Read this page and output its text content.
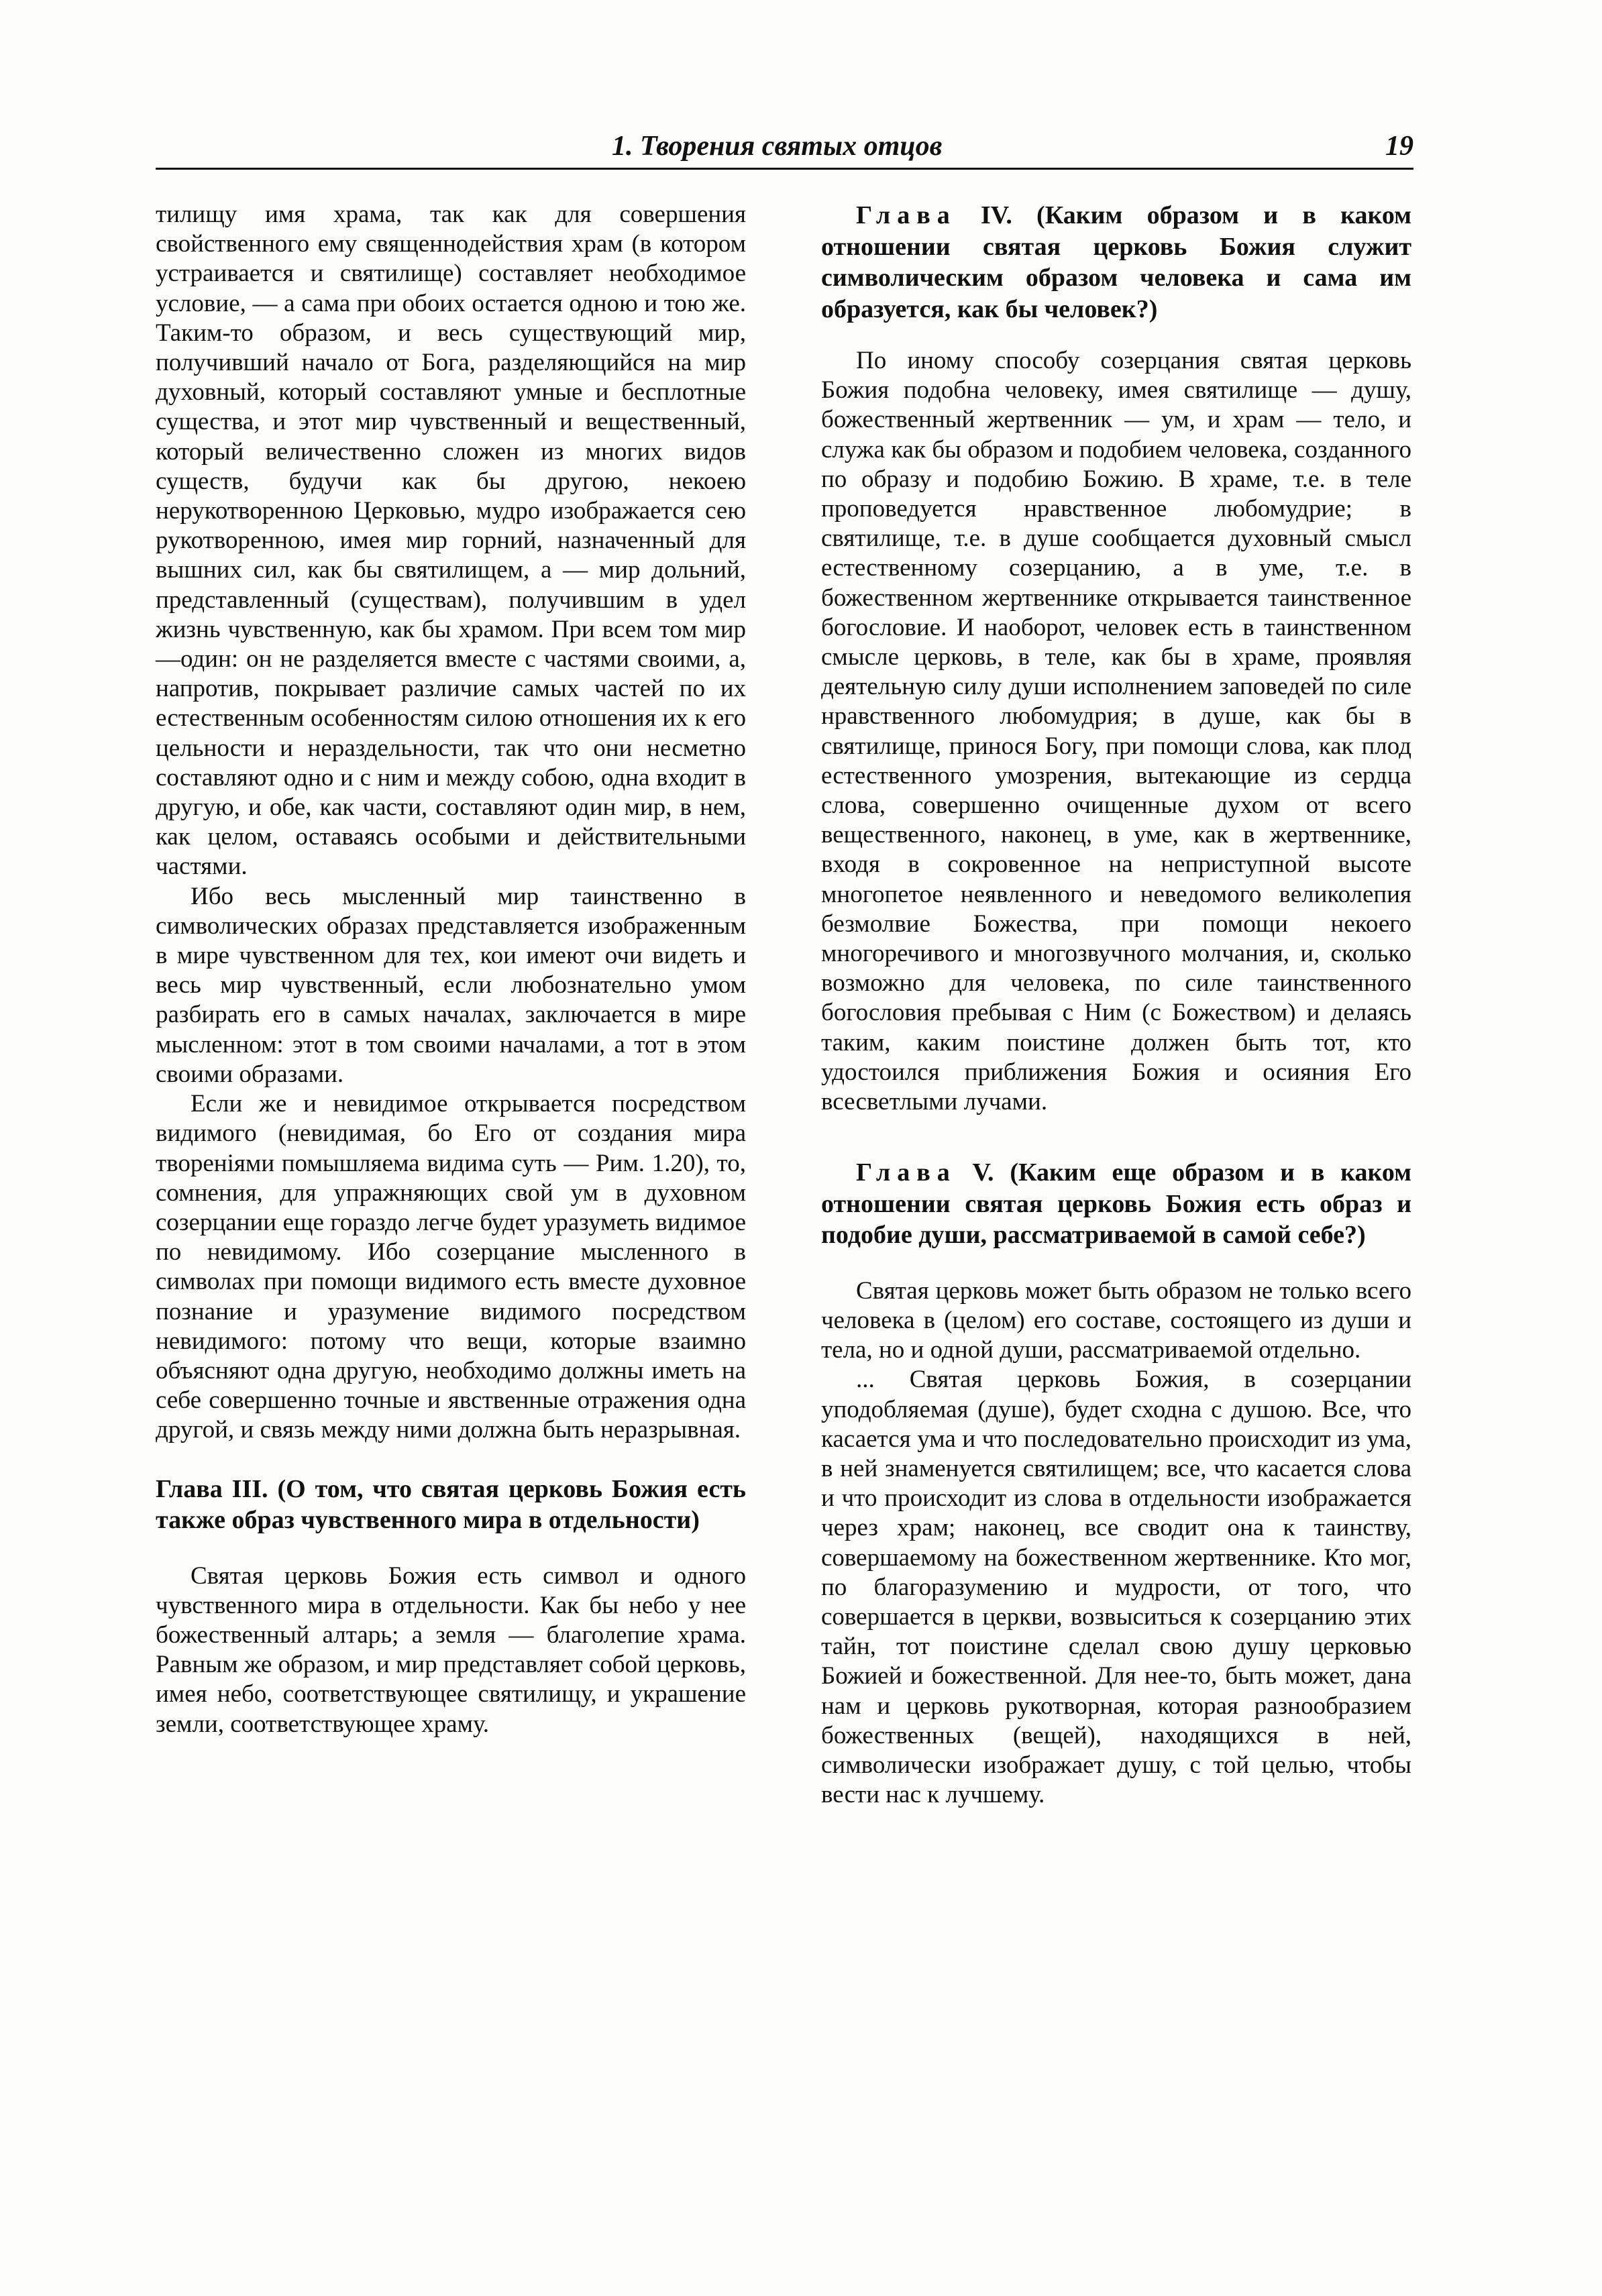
1. Творения святых отцов	19

тилищу имя храма, так как для совершения свойственного ему священнодействия храм (в котором устраивается и святилище) составляет необходимое условие, — а сама при обоих остается одною и тою же. Таким-то образом, и весь существующий мир, получивший начало от Бога, разделяющийся на мир духовный, который составляют умные и бесплотные существа, и этот мир чувственный и вещественный, который величественно сложен из многих видов существ, будучи как бы другою, некоею нерукотворенною Церковью, мудро изображается сею рукотворенною, имея мир горний, назначенный для вышних сил, как бы святилищем, а — мир дольний, представленный (существам), получившим в удел жизнь чувственную, как бы храмом. При всем том мир —один: он не разделяется вместе с частями своими, а, напротив, покрывает различие самых частей по их естественным особенностям силою отношения их к его цельности и нераздельности, так что они несметно составляют одно и с ним и между собою, одна входит в другую, и обе, как части, составляют один мир, в нем, как целом, оставаясь особыми и действительными частями.

Ибо весь мысленный мир таинственно в символических образах представляется изображенным в мире чувственном для тех, кои имеют очи видеть и весь мир чувственный, если любознательно умом разбирать его в самых началах, заключается в мире мысленном: этот в том своими началами, а тот в этом своими образами.

Если же и невидимое открывается посредством видимого (невидимая, бо Его от создания мира твореніями помышляема видима суть — Рим. 1.20), то, сомнения, для упражняющих свой ум в духовном созерцании еще гораздо легче будет уразуметь видимое по невидимому. Ибо созерцание мысленного в символах при помощи видимого есть вместе духовное познание и уразумение видимого посредством невидимого: потому что вещи, которые взаимно объясняют одна другую, необходимо должны иметь на себе совершенно точные и явственные отражения одна другой, и связь между ними должна быть неразрывная.

Глава III. (О том, что святая церковь Божия есть также образ чувственного мира в отдельности)

Святая церковь Божия есть символ и одного чувственного мира в отдельности. Как бы небо у нее божественный алтарь; а земля — благолепие храма. Равным же образом, и мир представляет собой церковь, имея небо, соответствующее святилищу, и украшение земли, соответствующее храму.

Глава IV. (Каким образом и в каком отношении святая церковь Божия служит символическим образом человека и сама им образуется, как бы человек?)

По иному способу созерцания святая церковь Божия подобна человеку, имея святилище — душу, божественный жертвенник — ум, и храм — тело, и служа как бы образом и подобием человека, созданного по образу и подобию Божию. В храме, т.е. в теле проповедуется нравственное любомудрие; в святилище, т.е. в душе сообщается духовный смысл естественному созерцанию, а в уме, т.е. в божественном жертвеннике открывается таинственное богословие. И наоборот, человек есть в таинственном смысле церковь, в теле, как бы в храме, проявляя деятельную силу души исполнением заповедей по силе нравственного любомудрия; в душе, как бы в святилище, принося Богу, при помощи слова, как плод естественного умозрения, вытекающие из сердца слова, совершенно очищенные духом от всего вещественного, наконец, в уме, как в жертвеннике, входя в сокровенное на неприступной высоте многопетое неявленного и неведомого великолепия безмолвие Божества, при помощи некоего многоречивого и многозвучного молчания, и, сколько возможно для человека, по силе таинственного богословия пребывая с Ним (с Божеством) и делаясь таким, каким поистине должен быть тот, кто удостоился приближения Божия и осияния Его всесветлыми лучами.

Глава V. (Каким еще образом и в каком отношении святая церковь Божия есть образ и подобие души, рассматриваемой в самой себе?)

Святая церковь может быть образом не только всего человека в (целом) его составе, состоящего из души и тела, но и одной души, рассматриваемой отдельно.

... Святая церковь Божия, в созерцании уподобляемая (душе), будет сходна с душою. Все, что касается ума и что последовательно происходит из ума, в ней знаменуется святилищем; все, что касается слова и что происходит из слова в отдельности изображается через храм; наконец, все сводит она к таинству, совершаемому на божественном жертвеннике. Кто мог, по благоразумению и мудрости, от того, что совершается в церкви, возвыситься к созерцанию этих тайн, тот поистине сделал свою душу церковью Божией и божественной. Для нее-то, быть может, дана нам и церковь рукотворная, которая разнообразием божественных (вещей), находящихся в ней, символически изображает душу, с той целью, чтобы вести нас к лучшему.
